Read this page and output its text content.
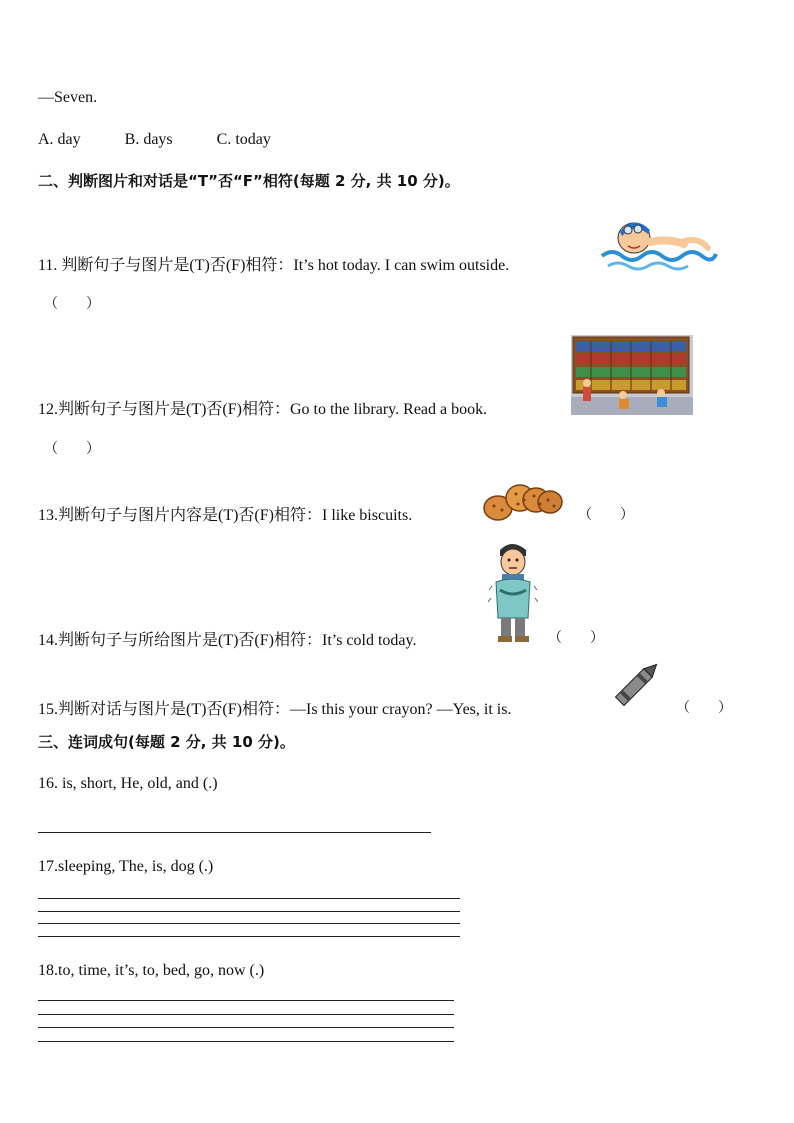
—Seven.
A. day	B. days	C. today
二、判断图片和对话是“T”否“F”相符(每题 2 分, 共 10 分)。
11. 判断句子与图片是(T)否(F)相符：It’s hot today. I can swim outside.
（        ）
12.判断句子与图片是(T)否(F)相符：Go to the library. Read a book.
（        ）
13.判断句子与图片内容是(T)否(F)相符：I like biscuits.	（        ）
14.判断句子与所给图片是(T)否(F)相符：It’s cold today.	（        ）
15.判断对话与图片是(T)否(F)相符：—Is this your crayon? —Yes, it is.	（        ）
三、连词成句(每题 2 分, 共 10 分)。
16. is, short, He, old, and (.)
17.sleeping, The, is, dog (.)
18.to, time, it’s, to, bed, go, now (.)
